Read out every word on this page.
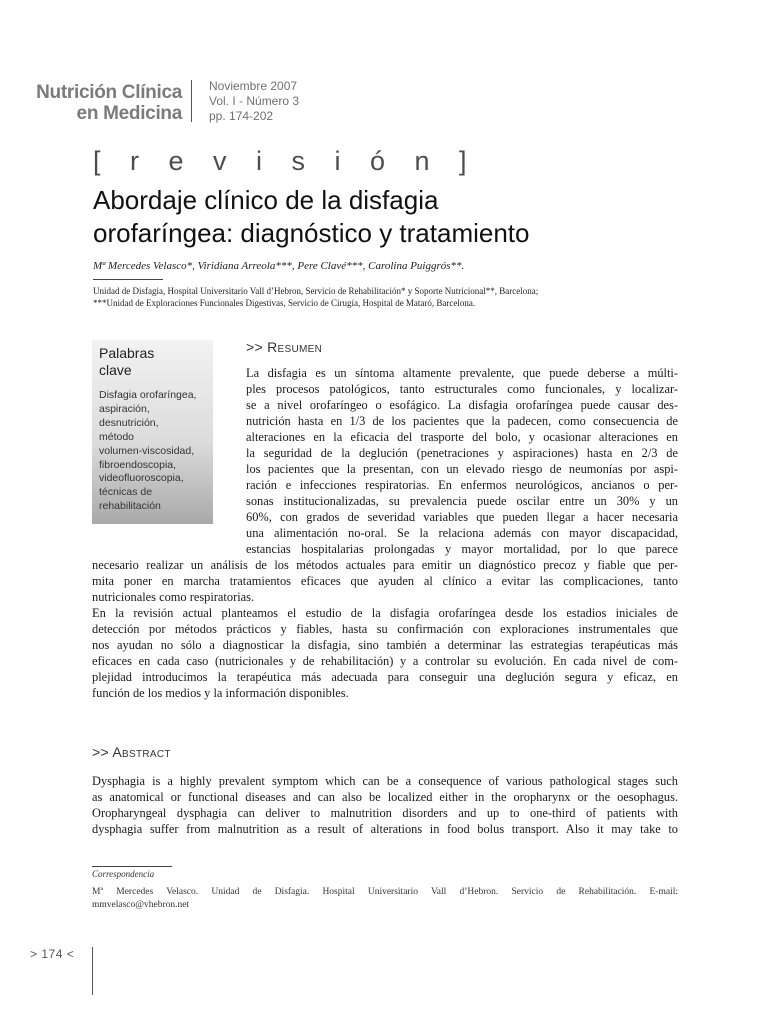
Nutrición Clínica
en Medicina
Noviembre 2007
Vol. I - Número 3
pp. 174-202
[ r e v i s i ó n ]
Abordaje clínico de la disfagia
orofaríngea: diagnóstico y tratamiento
Mª Mercedes Velasco*, Viridiana Arreola***, Pere Clavé***, Carolina Puiggrós**.
Unidad de Disfagia, Hospital Universitario Vall d’Hebron, Servicio de Rehabilitación* y Soporte Nutricional**, Barcelona;
***Unidad de Exploraciones Funcionales Digestivas, Servicio de Cirugía, Hospital de Mataró, Barcelona.
Palabras
clave
Disfagia orofaríngea,
aspiración,
desnutrición,
método
volumen-viscosidad,
fibroendoscopia,
videofluoroscopia,
técnicas de
rehabilitación
>> Resumen
La disfagia es un síntoma altamente prevalente, que puede deberse a múlti-
ples procesos patológicos, tanto estructurales como funcionales, y localizar-
se a nivel orofaríngeo o esofágico. La disfagia orofaríngea puede causar des-
nutrición hasta en 1/3 de los pacientes que la padecen, como consecuencia de
alteraciones en la eficacia del trasporte del bolo, y ocasionar alteraciones en
la seguridad de la deglución (penetraciones y aspiraciones) hasta en 2/3 de
los pacientes que la presentan, con un elevado riesgo de neumonías por aspi-
ración e infecciones respiratorias. En enfermos neurológicos, ancianos o per-
sonas institucionalizadas, su prevalencia puede oscilar entre un 30% y un
60%, con grados de severidad variables que pueden llegar a hacer necesaria
una alimentación no-oral. Se la relaciona además con mayor discapacidad,
estancias hospitalarias prolongadas y mayor mortalidad, por lo que parece
necesario realizar un análisis de los métodos actuales para emitir un diagnóstico precoz y fiable que per-
mita poner en marcha tratamientos eficaces que ayuden al clínico a evitar las complicaciones, tanto
nutricionales como respiratorias.
En la revisión actual planteamos el estudio de la disfagia orofaríngea desde los estadios iniciales de
detección por métodos prácticos y fiables, hasta su confirmación con exploraciones instrumentales que
nos ayudan no sólo a diagnosticar la disfagia, sino también a determinar las estrategias terapéuticas más
eficaces en cada caso (nutricionales y de rehabilitación) y a controlar su evolución. En cada nivel de com-
plejidad introducimos la terapéutica más adecuada para conseguir una deglución segura y eficaz, en
función de los medios y la información disponibles.
>> Abstract
Dysphagia is a highly prevalent symptom which can be a consequence of various pathological stages such
as anatomical or functional diseases and can also be localized either in the oropharynx or the oesophagus.
Oropharyngeal dysphagia can deliver to malnutrition disorders and up to one-third of patients with
dysphagia suffer from malnutrition as a result of alterations in food bolus transport. Also it may take to
Correspondencia
Mª Mercedes Velasco. Unidad de Disfagia. Hospital Universitario Vall d’Hebron. Servicio de Rehabilitación. E-mail:
mmvelasco@vhebron.net
> 174 <
